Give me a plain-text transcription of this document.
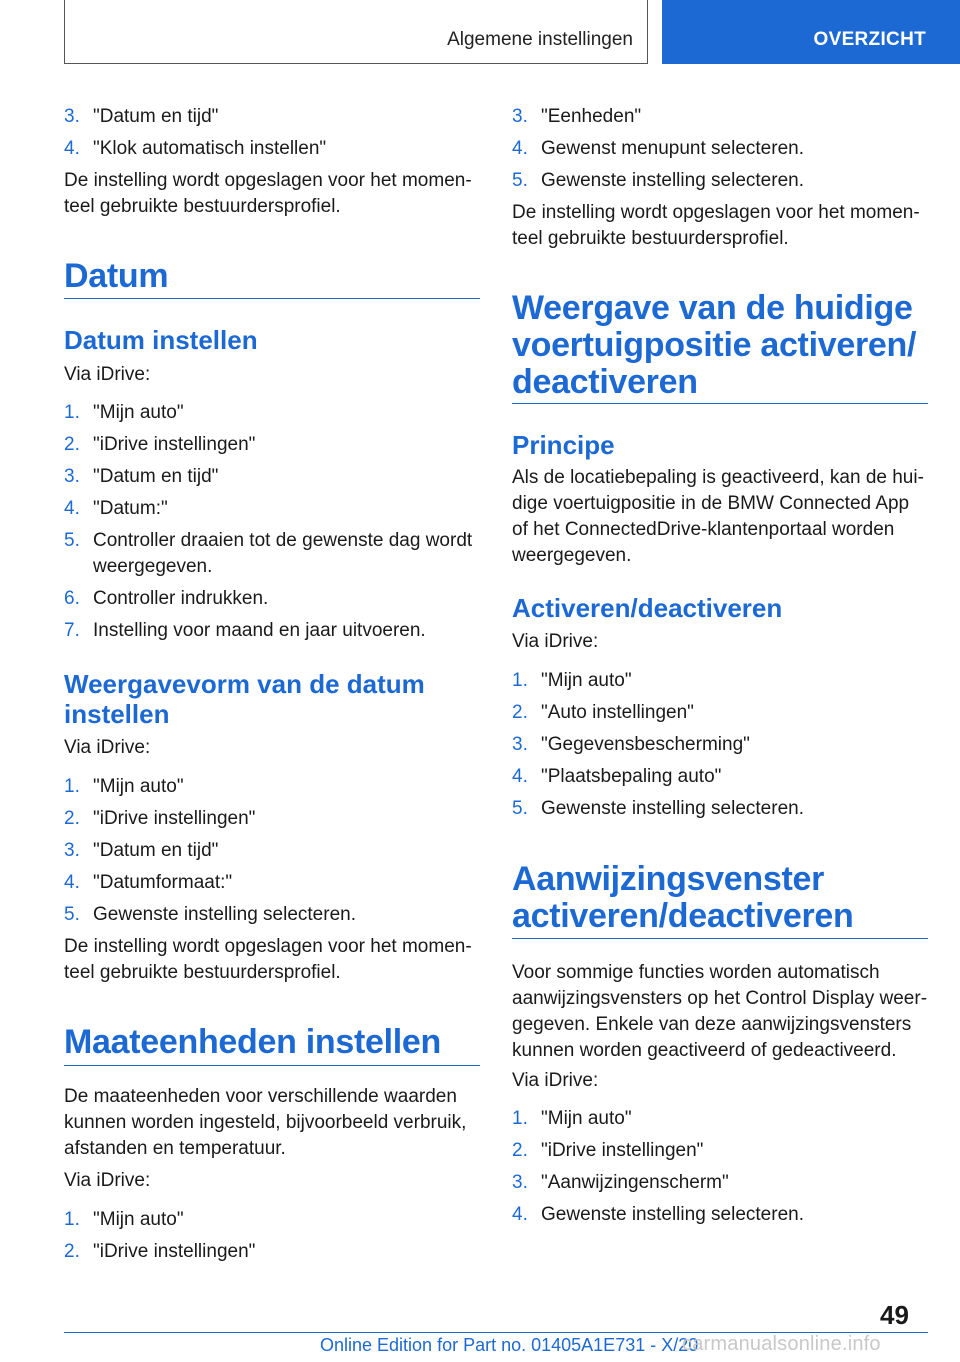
Algemene instellingen	OVERZICHT
3. "Datum en tijd"
4. "Klok automatisch instellen"
De instelling wordt opgeslagen voor het momenteel gebruikte bestuurdersprofiel.
Datum
Datum instellen
Via iDrive:
1. "Mijn auto"
2. "iDrive instellingen"
3. "Datum en tijd"
4. "Datum:"
5. Controller draaien tot de gewenste dag wordt weergegeven.
6. Controller indrukken.
7. Instelling voor maand en jaar uitvoeren.
Weergavevorm van de datum instellen
Via iDrive:
1. "Mijn auto"
2. "iDrive instellingen"
3. "Datum en tijd"
4. "Datumformaat:"
5. Gewenste instelling selecteren.
De instelling wordt opgeslagen voor het momenteel gebruikte bestuurdersprofiel.
Maateenheden instellen
De maateenheden voor verschillende waarden kunnen worden ingesteld, bijvoorbeeld verbruik, afstanden en temperatuur.
Via iDrive:
1. "Mijn auto"
2. "iDrive instellingen"
3. "Eenheden"
4. Gewenst menupunt selecteren.
5. Gewenste instelling selecteren.
De instelling wordt opgeslagen voor het momenteel gebruikte bestuurdersprofiel.
Weergave van de huidige voertuigpositie activeren/ deactiveren
Principe
Als de locatiebepaling is geactiveerd, kan de huidige voertuigpositie in de BMW Connected App of het ConnectedDrive-klantenportaal worden weergegeven.
Activeren/deactiveren
Via iDrive:
1. "Mijn auto"
2. "Auto instellingen"
3. "Gegevensbescherming"
4. "Plaatsbepaling auto"
5. Gewenste instelling selecteren.
Aanwijzingsvenster activeren/deactiveren
Voor sommige functies worden automatisch aanwijzingsvensters op het Control Display weergegeven. Enkele van deze aanwijzingsvensters kunnen worden geactiveerd of gedeactiveerd.
Via iDrive:
1. "Mijn auto"
2. "iDrive instellingen"
3. "Aanwijzingenscherm"
4. Gewenste instelling selecteren.
49
Online Edition for Part no. 01405A1E731 - X/20
carmanualsonline.info
